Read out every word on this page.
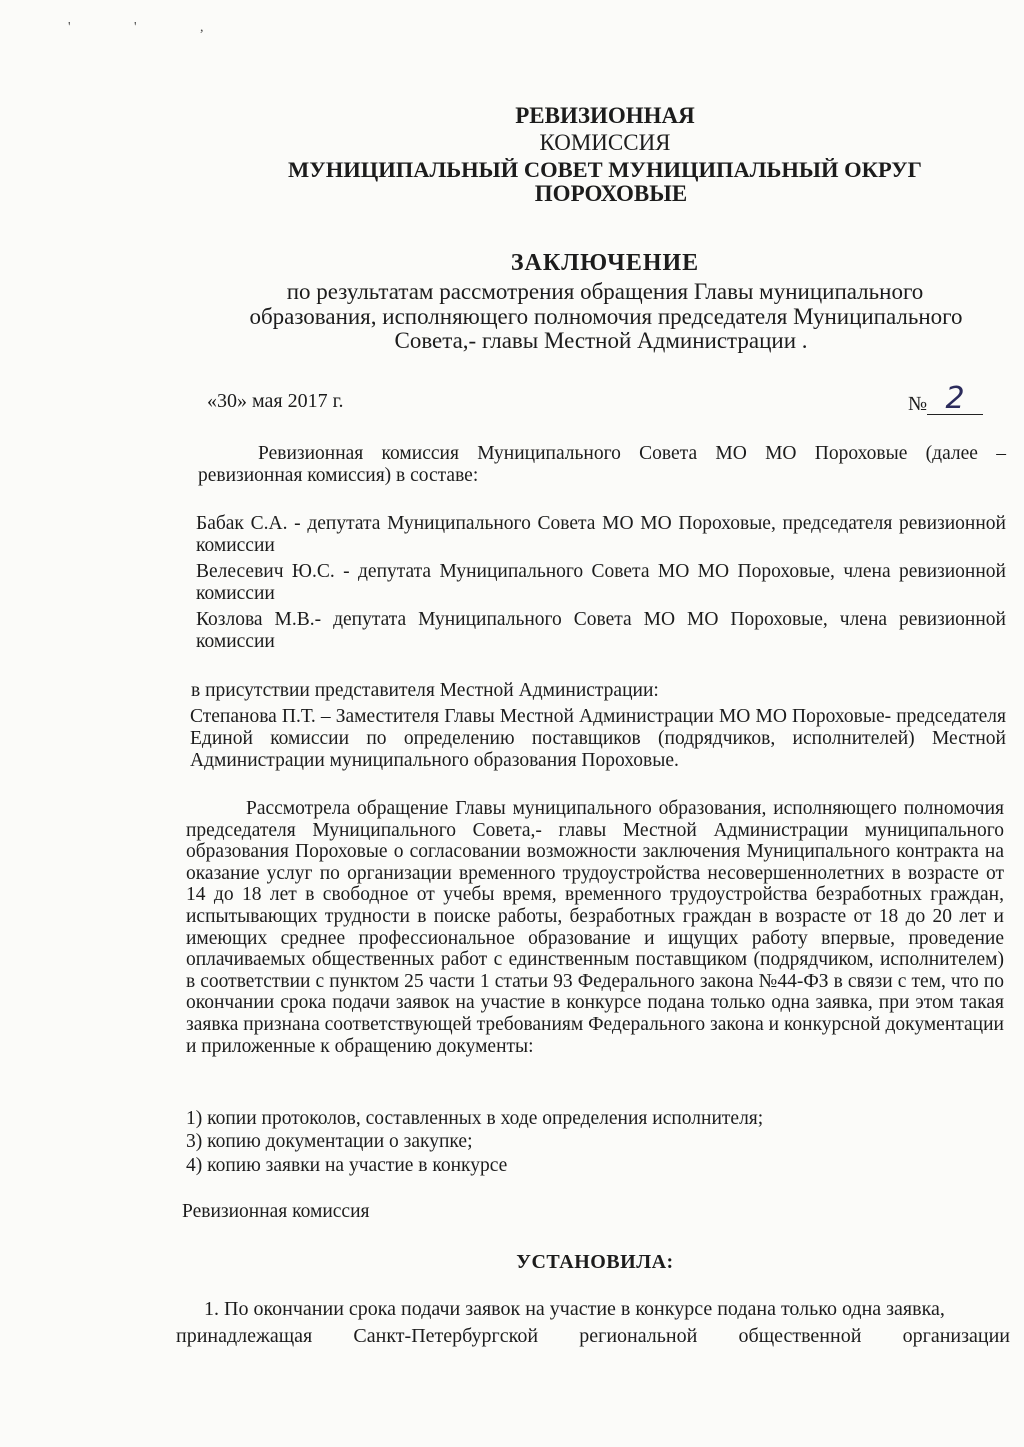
' ' ,
РЕВИЗИОННАЯ
КОМИССИЯ
МУНИЦИПАЛЬНЫЙ СОВЕТ МУНИЦИПАЛЬНЫЙ ОКРУГ
ПОРОХОВЫЕ
ЗАКЛЮЧЕНИЕ
по результатам рассмотрения обращения Главы муниципального
образования, исполняющего полномочия председателя Муниципального
Совета,- главы Местной Администрации .
«30» мая 2017 г.	№ 2
Ревизионная комиссия Муниципального Совета МО МО Пороховые (далее – ревизионная комиссия) в составе:
Бабак С.А. - депутата Муниципального Совета МО МО Пороховые, председателя ревизионной комиссии
Велесевич Ю.С. - депутата Муниципального Совета МО МО Пороховые, члена ревизионной комиссии
Козлова М.В.- депутата Муниципального Совета МО МО Пороховые, члена ревизионной комиссии
в присутствии представителя Местной Администрации:
Степанова П.Т. – Заместителя Главы Местной Администрации МО МО Пороховые- председателя Единой комиссии по определению поставщиков (подрядчиков, исполнителей) Местной Администрации муниципального образования Пороховые.
Рассмотрела обращение Главы муниципального образования, исполняющего полномочия председателя Муниципального Совета,- главы Местной Администрации муниципального образования Пороховые о согласовании возможности заключения Муниципального контракта на оказание услуг по организации временного трудоустройства несовершеннолетних в возрасте от 14 до 18 лет в свободное от учебы время, временного трудоустройства безработных граждан, испытывающих трудности в поиске работы, безработных граждан в возрасте от 18 до 20 лет и имеющих среднее профессиональное образование и ищущих работу впервые, проведение оплачиваемых общественных работ с единственным поставщиком (подрядчиком, исполнителем) в соответствии с пунктом 25 части 1 статьи 93 Федерального закона №44-ФЗ в связи с тем, что по окончании срока подачи заявок на участие в конкурсе подана только одна заявка, при этом такая заявка признана соответствующей требованиям Федерального закона и конкурсной документации и приложенные к обращению документы:
1) копии протоколов, составленных в ходе определения исполнителя;
3) копию документации о закупке;
4) копию заявки на участие в конкурсе
Ревизионная комиссия
УСТАНОВИЛА:
1. По окончании срока подачи заявок на участие в конкурсе подана только одна заявка,
принадлежащая Санкт-Петербургской региональной общественной организации
